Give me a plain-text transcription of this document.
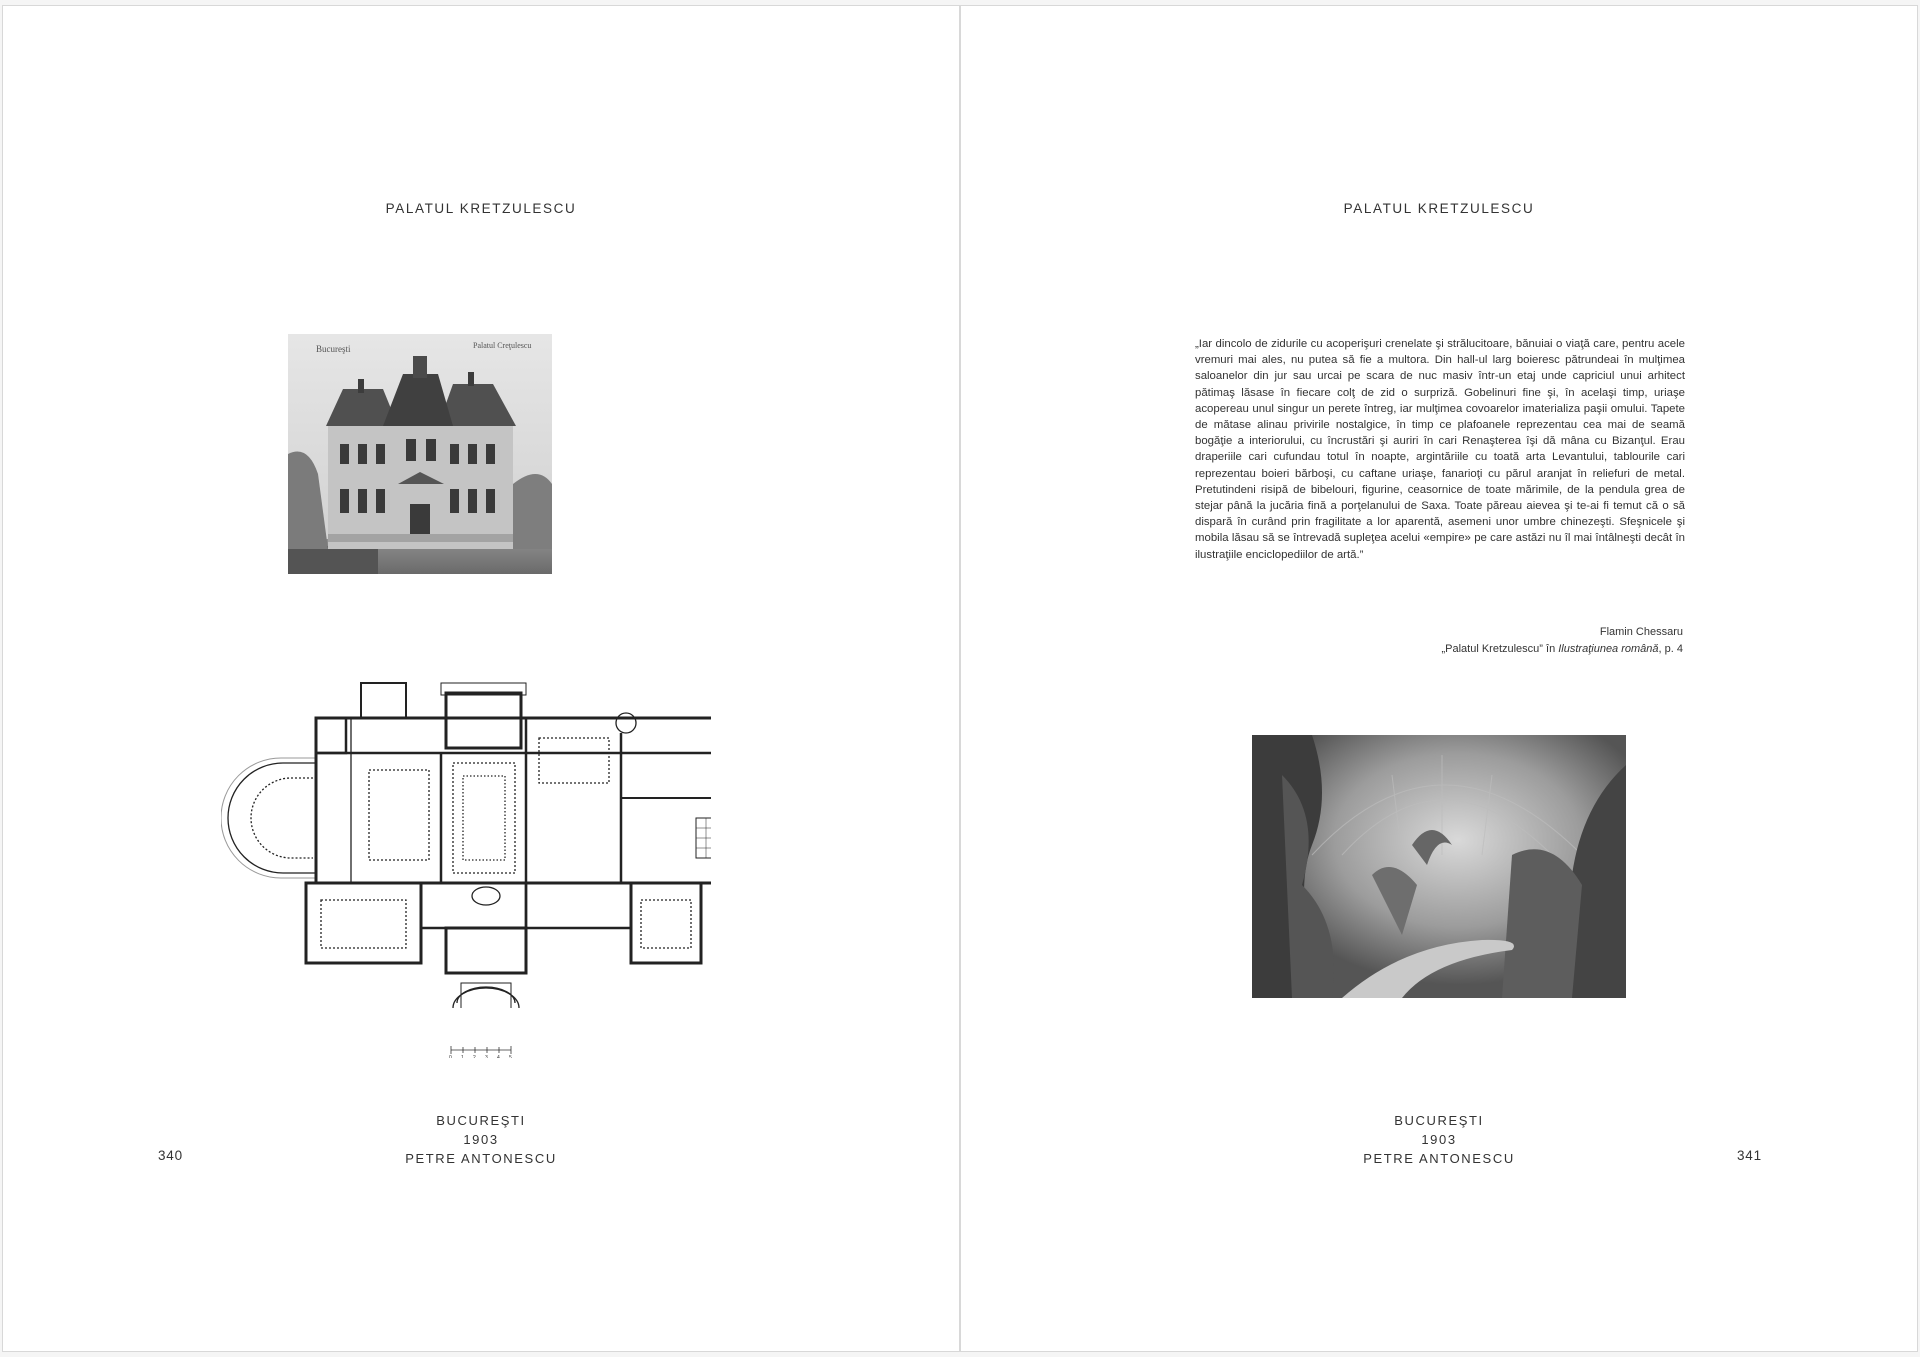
PALATUL KRETZULESCU
Bucureşti	Palatul Creţulescu
0 1 2 3 4 5
BUCUREŞTI
1903
PETRE ANTONESCU
340
PALATUL KRETZULESCU

„Iar dincolo de zidurile cu acoperişuri crenelate şi strălucitoare, bănuiai o viaţă care, pentru acele vremuri mai ales, nu putea să fie a multora. Din hall-ul larg boieresc pătrundeai în mulţimea saloanelor din jur sau urcai pe scara de nuc masiv într-un etaj unde capriciul unui arhitect pătimaş lăsase în fiecare colţ de zid o surpriză. Gobelinuri fine şi, în acelaşi timp, uriaşe acopereau unul singur un perete întreg, iar mulţimea covoarelor imaterializa paşii omului. Tapete de mătase alinau privirile nostalgice, în timp ce plafoanele reprezentau cea mai de seamă bogăţie a interiorului, cu încrustări şi auriri în cari Renaşterea îşi dă mâna cu Bizanţul. Erau draperiile cari cufundau totul în noapte, argintăriile cu toată arta Levantului, tablourile cari reprezentau boieri bărboşi, cu caftane uriaşe, fanarioţi cu părul aranjat în reliefuri de metal. Pretutindeni risipă de bibelouri, figurine, ceasornice de toate mărimile, de la pendula grea de stejar până la jucăria fină a porţelanului de Saxa. Toate păreau aievea şi te-ai fi temut că o să dispară în curând prin fragilitate a lor aparentă, asemeni unor umbre chinezeşti. Sfeşnicele şi mobila lăsau să se întrevadă supleţea acelui «empire» pe care astăzi nu îl mai întâlneşti decât în ilustraţiile enciclopediilor de artă.”

Flamin Chessaru
„Palatul Kretzulescu” în Ilustraţiunea română, p. 4
BUCUREŞTI
1903
PETRE ANTONESCU	341
